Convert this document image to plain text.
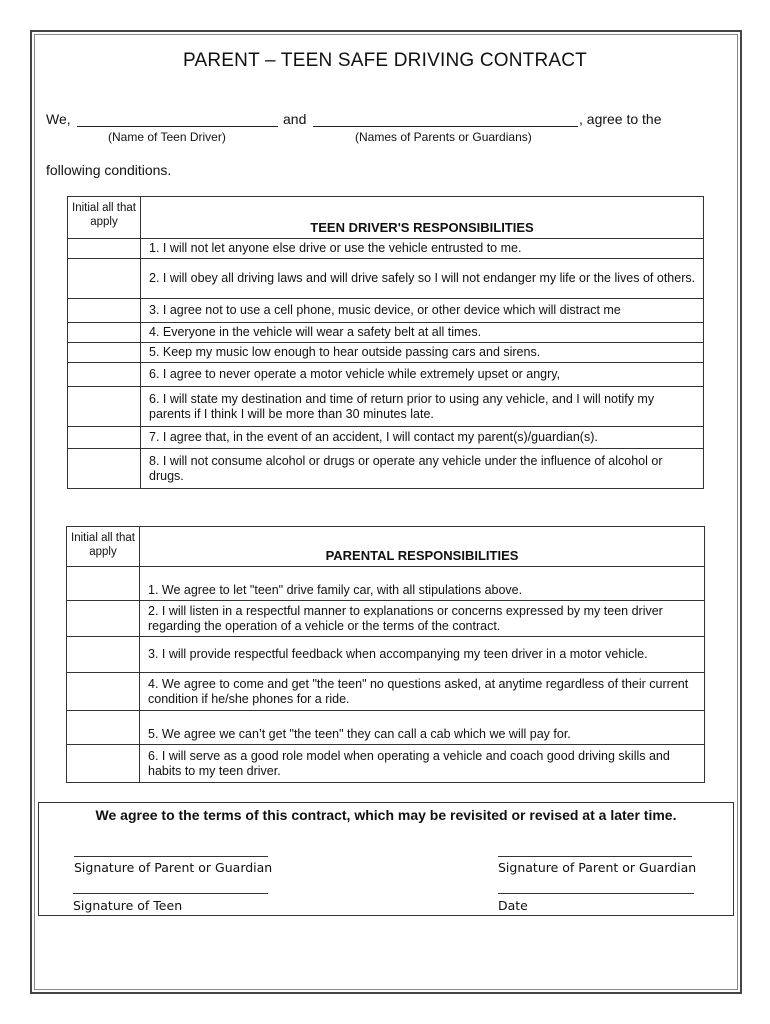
PARENT – TEEN SAFE DRIVING CONTRACT
We,	and	, agree to the
(Name of Teen Driver)	(Names of Parents or Guardians)
following conditions.
Initial all that apply	TEEN DRIVER'S RESPONSIBILITIES
	1. I will not let anyone else drive or use the vehicle entrusted to me.
	2. I will obey all driving laws and will drive safely so I will not endanger my life or the lives of others.
	3. I agree not to use a cell phone, music device, or other device which will distract me
	4. Everyone in the vehicle will wear a safety belt at all times.
	5. Keep my music low enough to hear outside passing cars and sirens.
	6. I agree to never operate a motor vehicle while extremely upset or angry,
	6. I will state my destination and time of return prior to using any vehicle, and I will notify my parents if I think I will be more than 30 minutes late.
	7. I agree that, in the event of an accident, I will contact my parent(s)/guardian(s).
	8. I will not consume alcohol or drugs or operate any vehicle under the influence of alcohol or drugs.
Initial all that apply	PARENTAL RESPONSIBILITIES
	1. We agree to let "teen" drive family car, with all stipulations above.
	2. I will listen in a respectful manner to explanations or concerns expressed by my teen driver regarding the operation of a vehicle or the terms of the contract.
	3. I will provide respectful feedback when accompanying my teen driver in a motor vehicle.
	4. We agree to come and get "the teen" no questions asked, at anytime regardless of their current condition if he/she phones for a ride.
	5. We agree we can’t get "the teen" they can call a cab which we will pay for.
	6. I will serve as a good role model when operating a vehicle and coach good driving skills and habits to my teen driver.
We agree to the terms of this contract, which may be revisited or revised at a later time.
Signature of Parent or Guardian	Signature of Parent or Guardian
Signature of Teen	Date
